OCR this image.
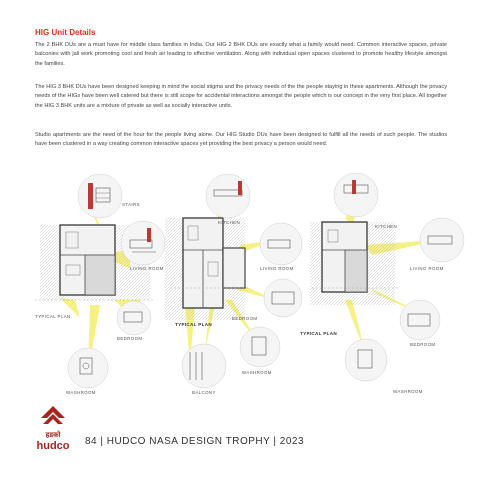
HIG Unit Details

The 2 BHK DUs are a must have for middle class families in India. Our HIG 2 BHK DUs are exactly what a family would need. Common interactive spaces, private balconies with jali work promoting cool and fresh air leading to effective ventilation. Along with individual open spaces clustered to promote healthy lifestyle amongst the families.

The HIG 3 BHK DUs have been designed keeping in mind the social stigma and the privacy needs of the the people staying in these apartments. Although the privacy needs of the HIGs have been well catered but there is still scope for accidental interactions amongst the people which is our concept in the very first place. All together the HIG 3 BHK units are a mixture of private as well as socially interactive units.

Studio apartments are the need of the hour for the people living alone. Our HIG Studio DUs have been designed to fulfill all the needs of such people. The studios have been clustered in a way creating common interactive spaces yet providing the best privacy a person would need.

STAIRS
LIVING ROOM
TYPICAL PLAN
BEDROOM
WASHROOM
KITCHEN
LIVING ROOM
BEDROOM
TYPICAL PLAN
WASHROOM
BALCONY
KITCHEN
LIVING ROOM
TYPICAL PLAN
BEDROOM
WASHROOM
हडको
hudco 84 | HUDCO NASA DESIGN TROPHY | 2023
